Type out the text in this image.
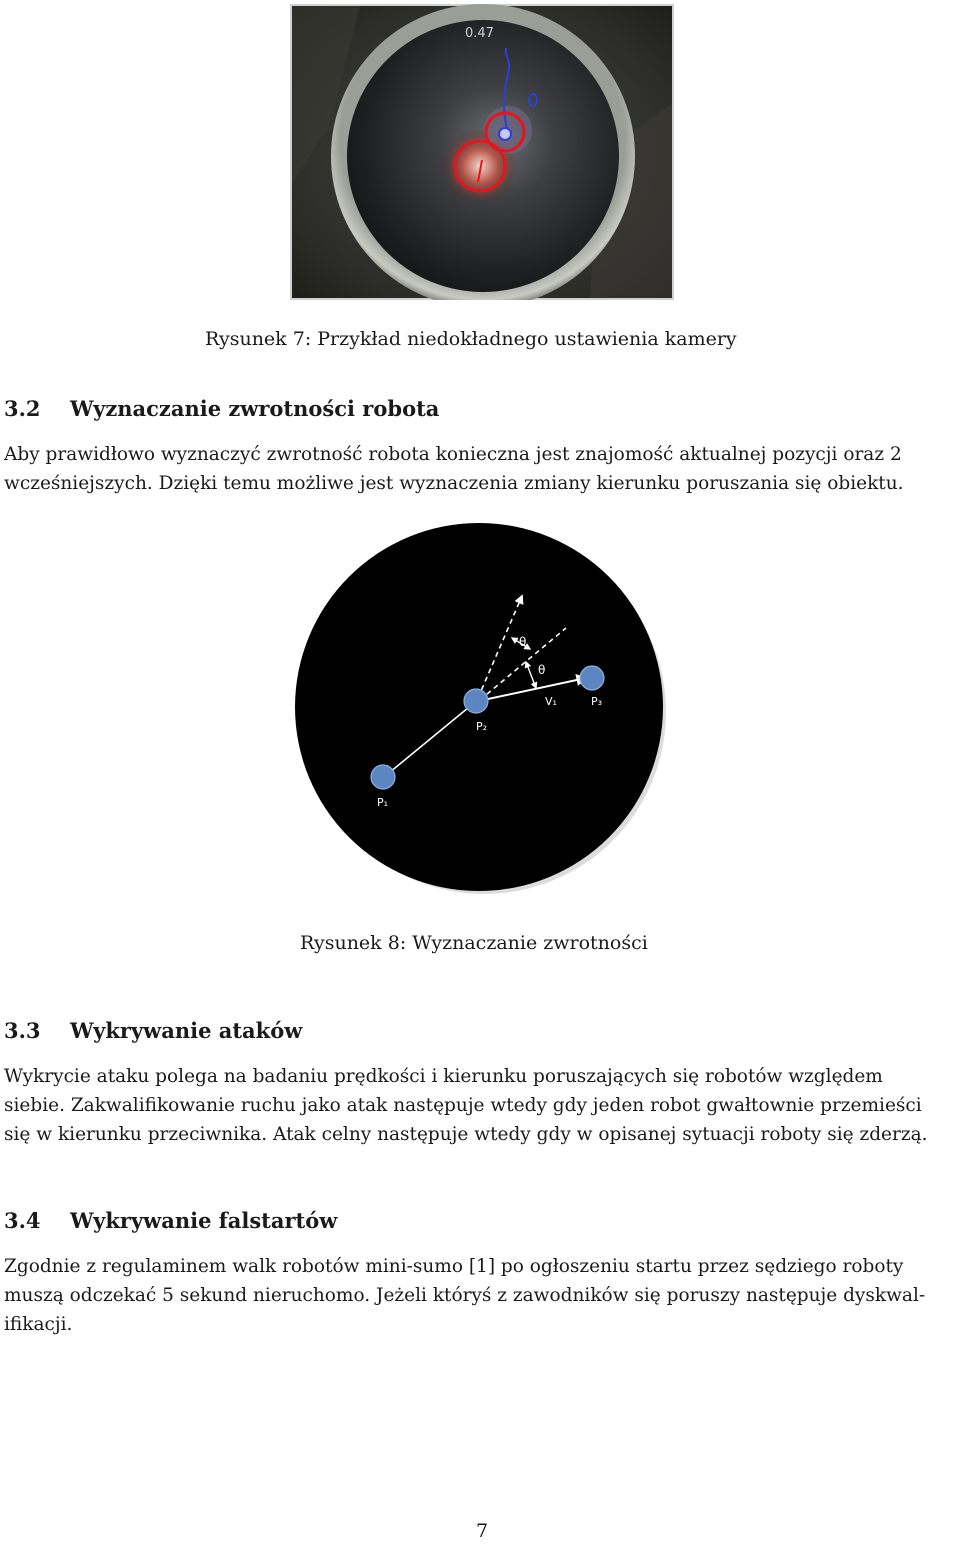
0.47
Rysunek 7: Przykład niedokładnego ustawienia kamery
3.2 Wyznaczanie zwrotności robota
Aby prawidłowo wyznaczyć zwrotność robota konieczna jest znajomość aktualnej pozycji oraz 2
wcześniejszych. Dzięki temu możliwe jest wyznaczenia zmiany kierunku poruszania się obiektu.
P₁
P₂
P₃
V₁
θ
θ
Rysunek 8: Wyznaczanie zwrotności
3.3 Wykrywanie ataków
Wykrycie ataku polega na badaniu prędkości i kierunku poruszających się robotów względem
siebie. Zakwalifikowanie ruchu jako atak następuje wtedy gdy jeden robot gwałtownie przemieści
się w kierunku przeciwnika. Atak celny następuje wtedy gdy w opisanej sytuacji roboty się zderzą.
3.4 Wykrywanie falstartów
Zgodnie z regulaminem walk robotów mini-sumo [1] po ogłoszeniu startu przez sędziego roboty
muszą odczekać 5 sekund nieruchomo. Jeżeli któryś z zawodników się poruszy następuje dyskwal-
ifikacji.
7
